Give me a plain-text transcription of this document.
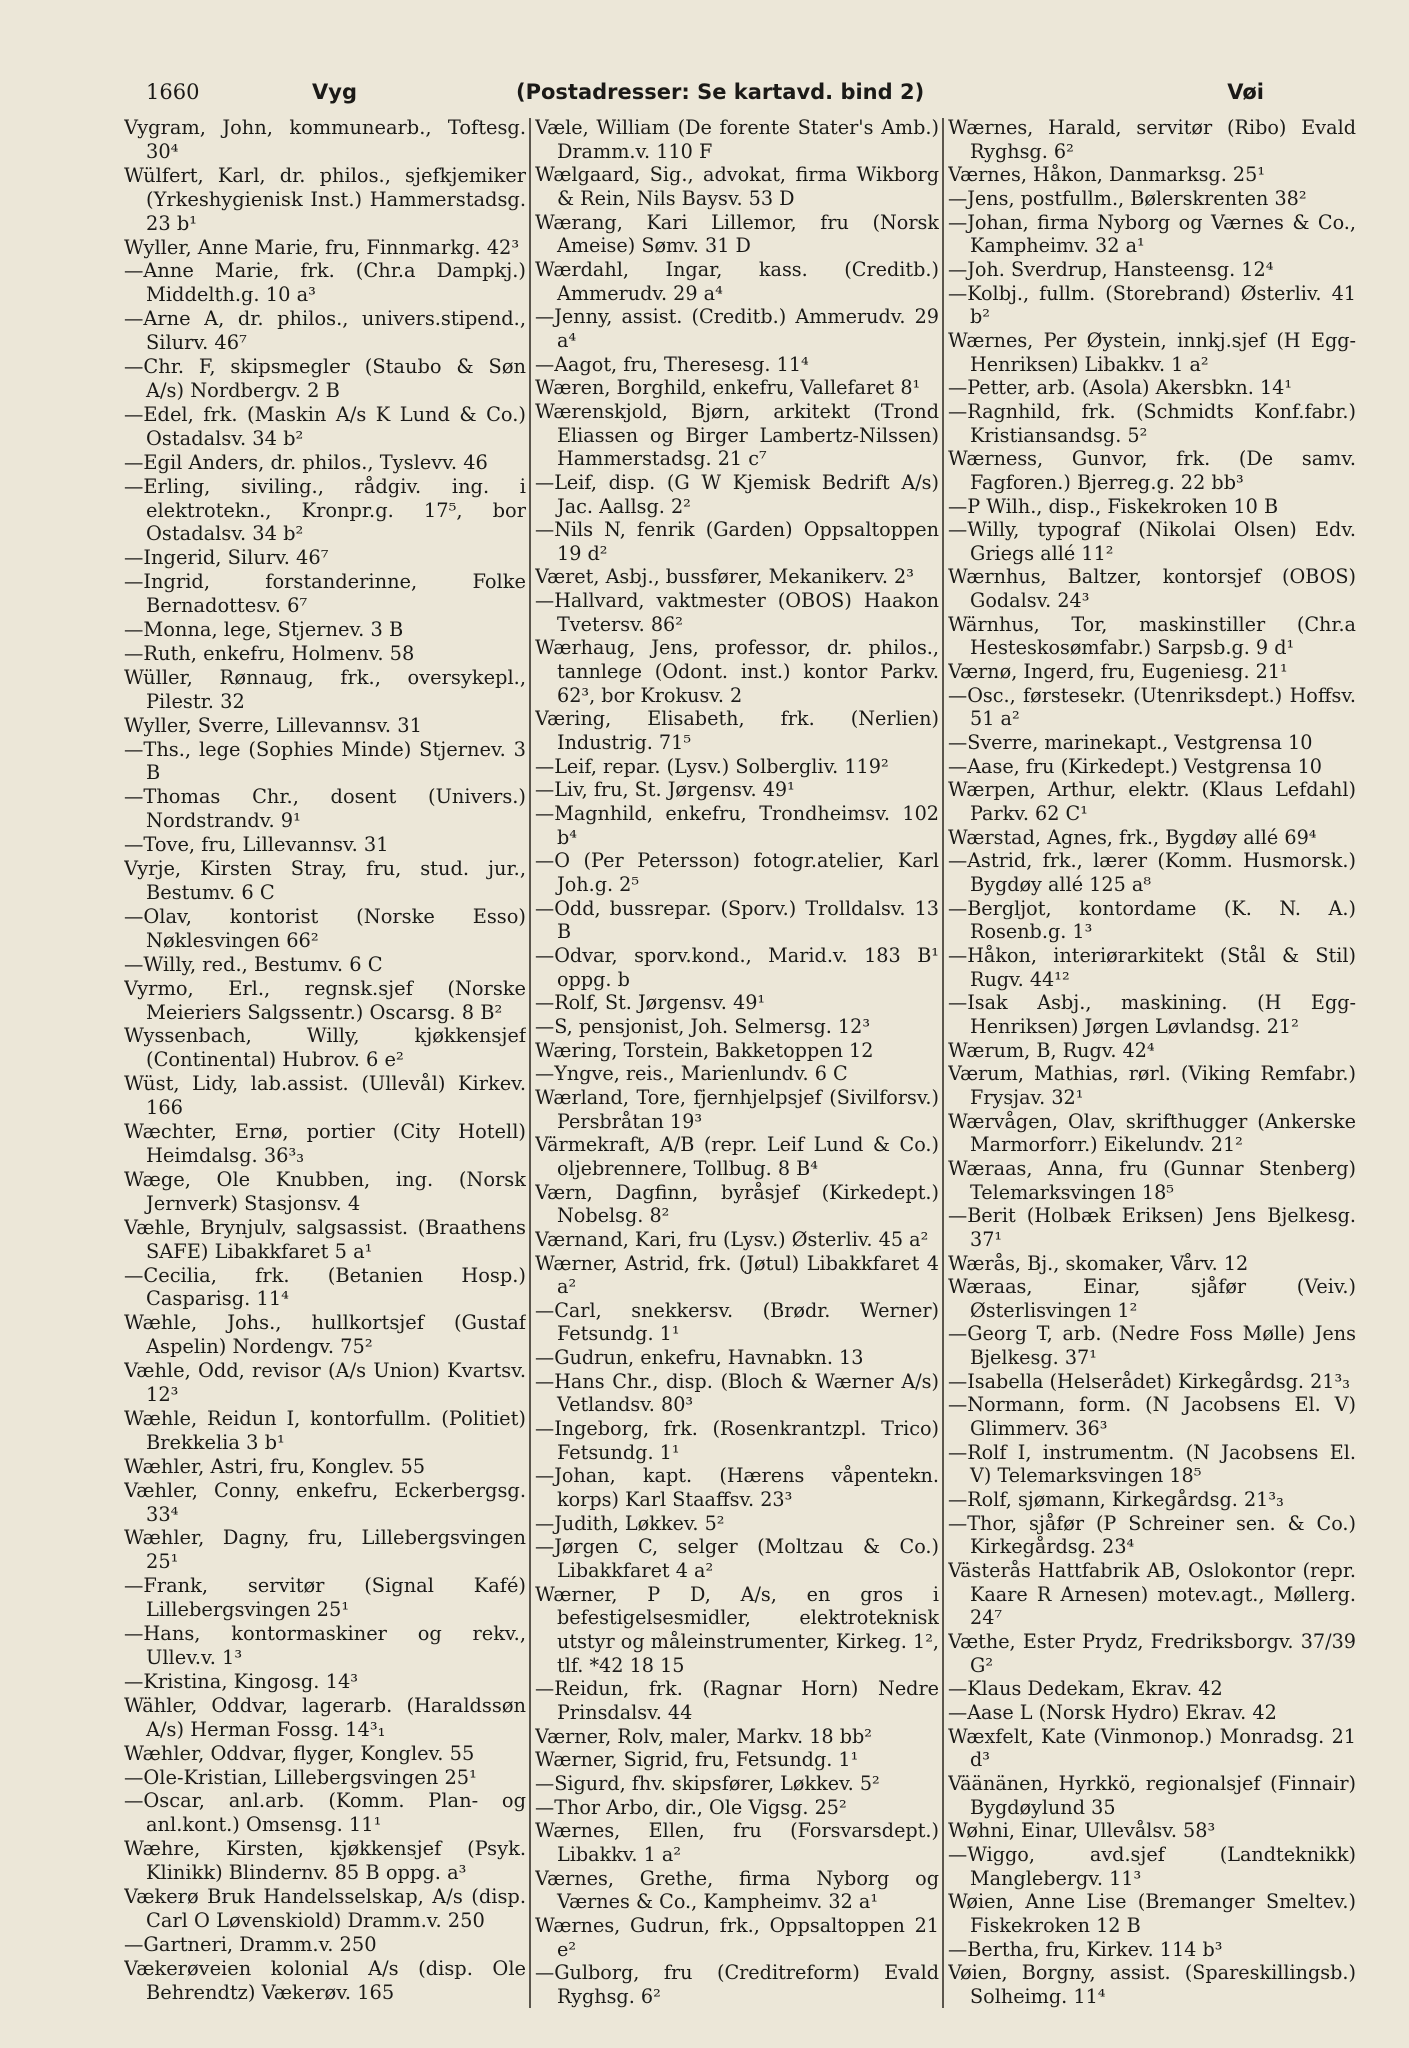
1660	Vyg	(Postadresser: Se kartavd. bind 2)	Vøi

Vygram, John, kommunearb., Toftesg. 30⁴

Wülfert, Karl, dr. philos., sjefkjemiker (Yrkeshygienisk Inst.) Hammerstadsg. 23 b¹

Wyller, Anne Marie, fru, Finnmarkg. 42³

—Anne Marie, frk. (Chr.a Dampkj.) Middelth.g. 10 a³

—Arne A, dr. philos., univers.stipend., Silurv. 46⁷

—Chr. F, skipsmegler (Staubo & Søn A/s) Nordbergv. 2 B

—Edel, frk. (Maskin A/s K Lund & Co.) Ostadalsv. 34 b²

—Egil Anders, dr. philos., Tyslevv. 46

—Erling, siviling., rådgiv. ing. i elektrotekn., Kronpr.g. 17⁵, bor Ostadalsv. 34 b²

—Ingerid, Silurv. 46⁷

—Ingrid, forstanderinne, Folke Bernadottesv. 6⁷

—Monna, lege, Stjernev. 3 B

—Ruth, enkefru, Holmenv. 58

Wüller, Rønnaug, frk., oversykepl., Pilestr. 32

Wyller, Sverre, Lillevannsv. 31

—Ths., lege (Sophies Minde) Stjernev. 3 B

—Thomas Chr., dosent (Univers.) Nordstrandv. 9¹

—Tove, fru, Lillevannsv. 31

Vyrje, Kirsten Stray, fru, stud. jur., Bestumv. 6 C

—Olav, kontorist (Norske Esso) Nøklesvingen 66²

—Willy, red., Bestumv. 6 C

Vyrmo, Erl., regnsk.sjef (Norske Meieriers Salgssentr.) Oscarsg. 8 B²

Wyssenbach, Willy, kjøkkensjef (Continental) Hubrov. 6 e²

Wüst, Lidy, lab.assist. (Ullevål) Kirkev. 166

Wæchter, Ernø, portier (City Hotell) Heimdalsg. 36³₃

Wæge, Ole Knubben, ing. (Norsk Jernverk) Stasjonsv. 4

Væhle, Brynjulv, salgsassist. (Braathens SAFE) Libakkfaret 5 a¹

—Cecilia, frk. (Betanien Hosp.) Casparisg. 11⁴

Wæhle, Johs., hullkortsjef (Gustaf Aspelin) Nordengv. 75²

Væhle, Odd, revisor (A/s Union) Kvartsv. 12³

Wæhle, Reidun I, kontorfullm. (Politiet) Brekkelia 3 b¹

Wæhler, Astri, fru, Konglev. 55

Væhler, Conny, enkefru, Eckerbergsg. 33⁴

Wæhler, Dagny, fru, Lillebergsvingen 25¹

—Frank, servitør (Signal Kafé) Lillebergsvingen 25¹

—Hans, kontormaskiner og rekv., Ullev.v. 1³

—Kristina, Kingosg. 14³

Wähler, Oddvar, lagerarb. (Haraldssøn A/s) Herman Fossg. 14³₁

Wæhler, Oddvar, flyger, Konglev. 55

—Ole-Kristian, Lillebergsvingen 25¹

—Oscar, anl.arb. (Komm. Plan- og anl.kont.) Omsensg. 11¹

Wæhre, Kirsten, kjøkkensjef (Psyk. Klinikk) Blindernv. 85 B oppg. a³

Vækerø Bruk Handelsselskap, A/s (disp. Carl O Løvenskiold) Dramm.v. 250

—Gartneri, Dramm.v. 250

Vækerøveien kolonial A/s (disp. Ole Behrendtz) Vækerøv. 165

Væle, William (De forente Stater's Amb.) Dramm.v. 110 F

Wælgaard, Sig., advokat, firma Wikborg & Rein, Nils Baysv. 53 D

Wærang, Kari Lillemor, fru (Norsk Ameise) Sømv. 31 D

Wærdahl, Ingar, kass. (Creditb.) Ammerudv. 29 a⁴

—Jenny, assist. (Creditb.) Ammerudv. 29 a⁴

—Aagot, fru, Theresesg. 11⁴

Wæren, Borghild, enkefru, Vallefaret 8¹

Wærenskjold, Bjørn, arkitekt (Trond Eliassen og Birger Lambertz-Nilssen) Hammerstadsg. 21 c⁷

—Leif, disp. (G W Kjemisk Bedrift A/s) Jac. Aallsg. 2²

—Nils N, fenrik (Garden) Oppsaltoppen 19 d²

Været, Asbj., bussfører, Mekanikerv. 2³

—Hallvard, vaktmester (OBOS) Haakon Tvetersv. 86²

Wærhaug, Jens, professor, dr. philos., tannlege (Odont. inst.) kontor Parkv. 62³, bor Krokusv. 2

Væring, Elisabeth, frk. (Nerlien) Industrig. 71⁵

—Leif, repar. (Lysv.) Solbergliv. 119²

—Liv, fru, St. Jørgensv. 49¹

—Magnhild, enkefru, Trondheimsv. 102 b⁴

—O (Per Petersson) fotogr.atelier, Karl Joh.g. 2⁵

—Odd, bussrepar. (Sporv.) Trolldalsv. 13 B

—Odvar, sporv.kond., Marid.v. 183 B¹ oppg. b

—Rolf, St. Jørgensv. 49¹

—S, pensjonist, Joh. Selmersg. 12³

Wæring, Torstein, Bakketoppen 12

—Yngve, reis., Marienlundv. 6 C

Wærland, Tore, fjernhjelpsjef (Sivilforsv.) Persbråtan 19³

Värmekraft, A/B (repr. Leif Lund & Co.) oljebrennere, Tollbug. 8 B⁴

Værn, Dagfinn, byråsjef (Kirkedept.) Nobelsg. 8²

Værnand, Kari, fru (Lysv.) Østerliv. 45 a²

Wærner, Astrid, frk. (Jøtul) Libakkfaret 4 a²

—Carl, snekkersv. (Brødr. Werner) Fetsundg. 1¹

—Gudrun, enkefru, Havnabkn. 13

—Hans Chr., disp. (Bloch & Wærner A/s) Vetlandsv. 80³

—Ingeborg, frk. (Rosenkrantzpl. Trico) Fetsundg. 1¹

—Johan, kapt. (Hærens våpentekn. korps) Karl Staaffsv. 23³

—Judith, Løkkev. 5²

—Jørgen C, selger (Moltzau & Co.) Libakkfaret 4 a²

Wærner, P D, A/s, en gros i befestigelsesmidler, elektroteknisk utstyr og måleinstrumenter, Kirkeg. 1², tlf. *42 18 15

—Reidun, frk. (Ragnar Horn) Nedre Prinsdalsv. 44

Værner, Rolv, maler, Markv. 18 bb²

Wærner, Sigrid, fru, Fetsundg. 1¹

—Sigurd, fhv. skipsfører, Løkkev. 5²

—Thor Arbo, dir., Ole Vigsg. 25²

Wærnes, Ellen, fru (Forsvarsdept.) Libakkv. 1 a²

Værnes, Grethe, firma Nyborg og Værnes & Co., Kampheimv. 32 a¹

Wærnes, Gudrun, frk., Oppsaltoppen 21 e²

—Gulborg, fru (Creditreform) Evald Ryghsg. 6²

Wærnes, Harald, servitør (Ribo) Evald Ryghsg. 6²

Værnes, Håkon, Danmarksg. 25¹

—Jens, postfullm., Bølerskrenten 38²

—Johan, firma Nyborg og Værnes & Co., Kampheimv. 32 a¹

—Joh. Sverdrup, Hansteensg. 12⁴

—Kolbj., fullm. (Storebrand) Østerliv. 41 b²

Wærnes, Per Øystein, innkj.sjef (H Egg-Henriksen) Libakkv. 1 a²

—Petter, arb. (Asola) Akersbkn. 14¹

—Ragnhild, frk. (Schmidts Konf.fabr.) Kristiansandsg. 5²

Wærness, Gunvor, frk. (De samv. Fagforen.) Bjerreg.g. 22 bb³

—P Wilh., disp., Fiskekroken 10 B

—Willy, typograf (Nikolai Olsen) Edv. Griegs allé 11²

Wærnhus, Baltzer, kontorsjef (OBOS) Godalsv. 24³

Wärnhus, Tor, maskinstiller (Chr.a Hesteskosømfabr.) Sarpsb.g. 9 d¹

Værnø, Ingerd, fru, Eugeniesg. 21¹

—Osc., førstesekr. (Utenriksdept.) Hoffsv. 51 a²

—Sverre, marinekapt., Vestgrensa 10

—Aase, fru (Kirkedept.) Vestgrensa 10

Wærpen, Arthur, elektr. (Klaus Lefdahl) Parkv. 62 C¹

Wærstad, Agnes, frk., Bygdøy allé 69⁴

—Astrid, frk., lærer (Komm. Husmorsk.) Bygdøy allé 125 a⁸

—Bergljot, kontordame (K. N. A.) Rosenb.g. 1³

—Håkon, interiørarkitekt (Stål & Stil) Rugv. 44¹²

—Isak Asbj., maskining. (H Egg-Henriksen) Jørgen Løvlandsg. 21²

Wærum, B, Rugv. 42⁴

Værum, Mathias, rørl. (Viking Remfabr.) Frysjav. 32¹

Wærvågen, Olav, skrifthugger (Ankerske Marmorforr.) Eikelundv. 21²

Wæraas, Anna, fru (Gunnar Stenberg) Telemarksvingen 18⁵

—Berit (Holbæk Eriksen) Jens Bjelkesg. 37¹

Wærås, Bj., skomaker, Vårv. 12

Wæraas, Einar, sjåfør (Veiv.) Østerlisvingen 1²

—Georg T, arb. (Nedre Foss Mølle) Jens Bjelkesg. 37¹

—Isabella (Helserådet) Kirkegårdsg. 21³₃

—Normann, form. (N Jacobsens El. V) Glimmerv. 36³

—Rolf I, instrumentm. (N Jacobsens El. V) Telemarksvingen 18⁵

—Rolf, sjømann, Kirkegårdsg. 21³₃

—Thor, sjåfør (P Schreiner sen. & Co.) Kirkegårdsg. 23⁴

Västerås Hattfabrik AB, Oslokontor (repr. Kaare R Arnesen) motev.agt., Møllerg. 24⁷

Væthe, Ester Prydz, Fredriksborgv. 37/39 G²

—Klaus Dedekam, Ekrav. 42

—Aase L (Norsk Hydro) Ekrav. 42

Wæxfelt, Kate (Vinmonop.) Monradsg. 21 d³

Väänänen, Hyrkkö, regionalsjef (Finnair) Bygdøylund 35

Wøhni, Einar, Ullevålsv. 58³

—Wiggo, avd.sjef (Landteknikk) Manglebergv. 11³

Wøien, Anne Lise (Bremanger Smeltev.) Fiskekroken 12 B

—Bertha, fru, Kirkev. 114 b³

Vøien, Borgny, assist. (Spareskillingsb.) Solheimg. 11⁴
